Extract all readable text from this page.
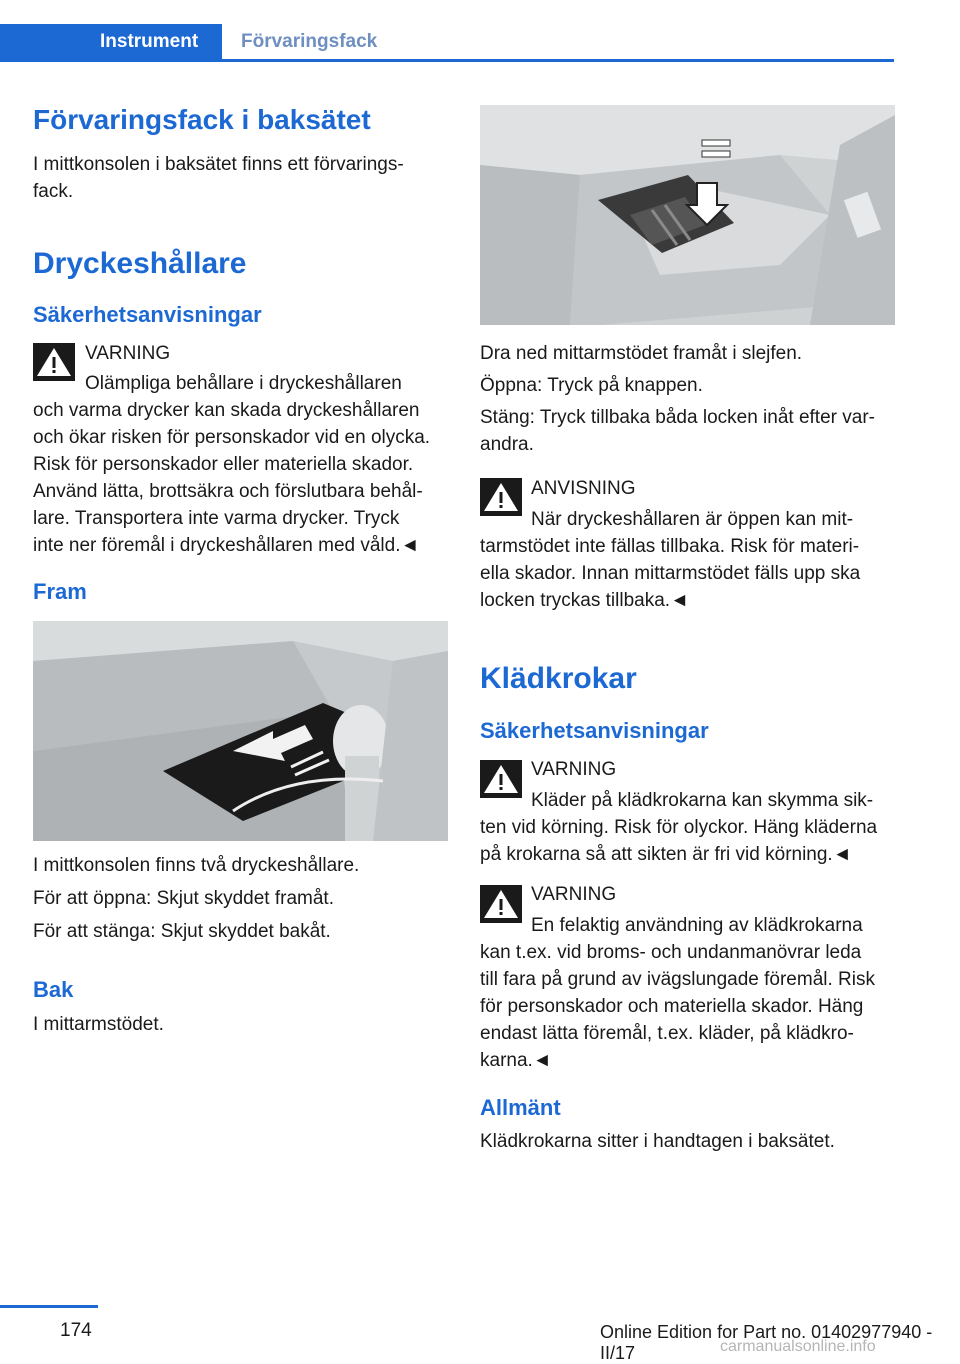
Instrument Förvaringsfack
Förvaringsfack i baksätet

I mittkonsolen i baksätet finns ett förvarings-

fack.

Dryckeshållare
Säkerhetsanvisningar

VARNING

Olämpliga behållare i dryckeshållaren

och varma drycker kan skada dryckeshållaren

och ökar risken för personskador vid en olycka.

Risk för personskador eller materiella skador.

Använd lätta, brottsäkra och förslutbara behål-

lare. Transportera inte varma drycker. Tryck

inte ner föremål i dryckeshållaren med våld.◄

Fram

I mittkonsolen finns två dryckeshållare.

För att öppna: Skjut skyddet framåt.

För att stänga: Skjut skyddet bakåt.

Bak

I mittarmstödet.

Dra ned mittarmstödet framåt i slejfen.

Öppna: Tryck på knappen.

Stäng: Tryck tillbaka båda locken inåt efter var-

andra.

ANVISNING

När dryckeshållaren är öppen kan mit-

tarmstödet inte fällas tillbaka. Risk för materi-

ella skador. Innan mittarmstödet fälls upp ska

locken tryckas tillbaka.◄

Klädkrokar
Säkerhetsanvisningar

VARNING

Kläder på klädkrokarna kan skymma sik-

ten vid körning. Risk för olyckor. Häng kläderna

på krokarna så att sikten är fri vid körning.◄

VARNING

En felaktig användning av klädkrokarna

kan t.ex. vid broms- och undanmanövrar leda

till fara på grund av ivägslungade föremål. Risk

för personskador och materiella skador. Häng

endast lätta föremål, t.ex. kläder, på klädkro-

karna.◄

Allmänt

Klädkrokarna sitter i handtagen i baksätet.

174	Online Edition for Part no. 01402977940 - II/17	carmanualsonline.info
